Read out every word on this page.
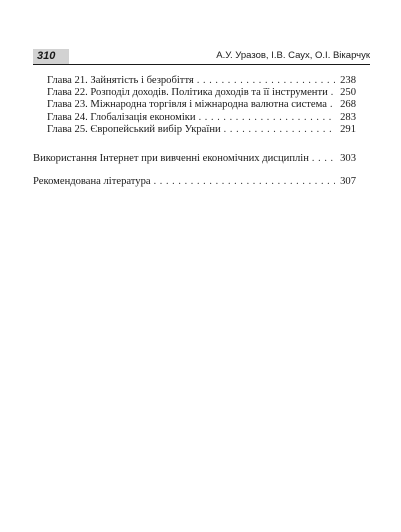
310	А.У. Уразов, І.В. Саух, О.І. Вікарчук
Глава 21. Зайнятість і безробіття . . .	238
Глава 22. Розподіл доходів. Політика доходів та її інструменти . . . 250
Глава 23. Міжнародна торгівля і міжнародна валютна система . . . 268
Глава 24. Глобалізація економіки . . .	283
Глава 25. Європейський вибір України . . .	291
Використання Інтернет при вивченні економічних дисциплін . . .	303
Рекомендована література . . .	307
